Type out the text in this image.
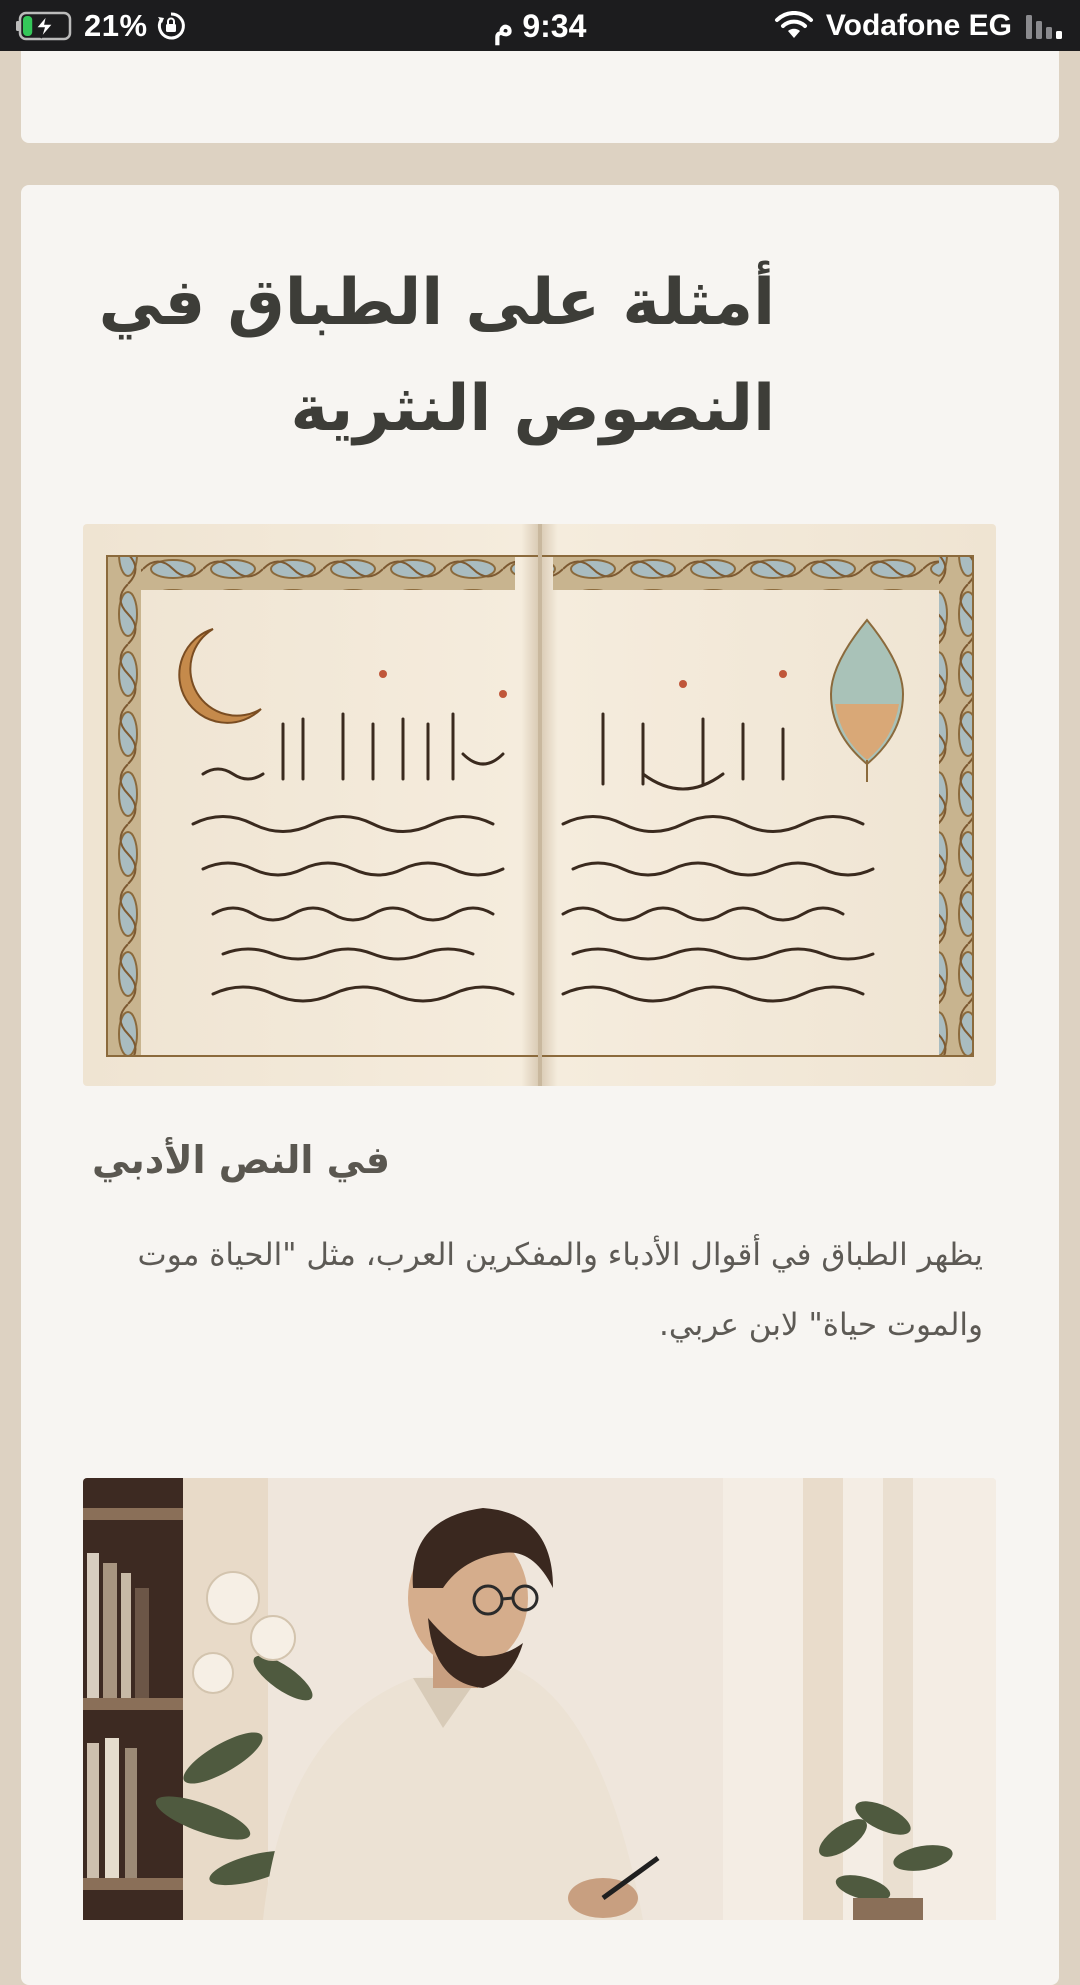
21%	9:34 م	Vodafone EG
أمثلة على الطباق في النصوص النثرية
في النص الأدبي

يظهر الطباق في أقوال الأدباء والمفكرين العرب، مثل "الحياة موت والموت حياة" لابن عربي.
